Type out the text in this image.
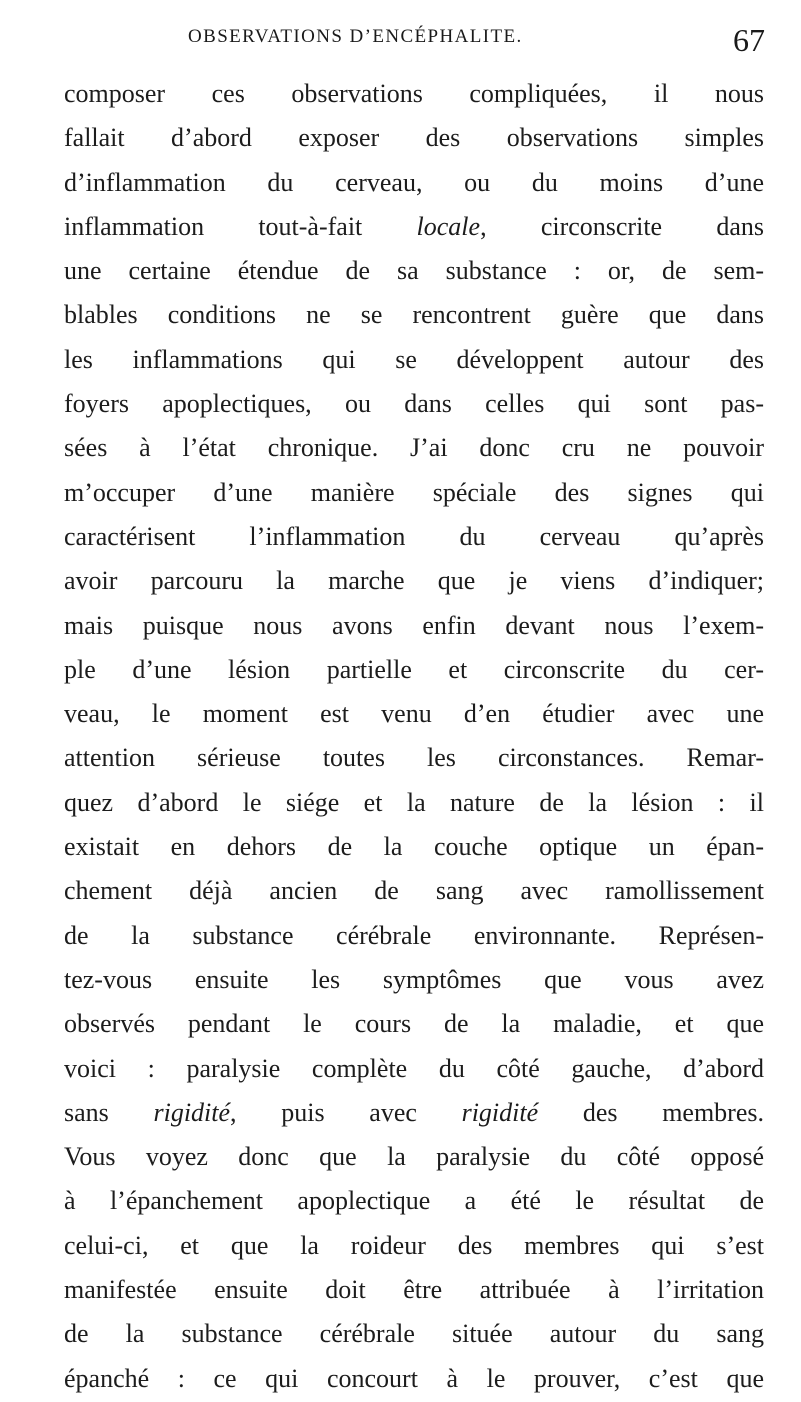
OBSERVATIONS D’ENCÉPHALITE.	67
composer ces observations compliquées, il nous
fallait d’abord exposer des observations simples
d’inflammation du cerveau, ou du moins d’une
inflammation tout-à-fait locale, circonscrite dans
une certaine étendue de sa substance : or, de sem-
blables conditions ne se rencontrent guère que dans
les inflammations qui se développent autour des
foyers apoplectiques, ou dans celles qui sont pas-
sées à l’état chronique. J’ai donc cru ne pouvoir
m’occuper d’une manière spéciale des signes qui
caractérisent l’inflammation du cerveau qu’après
avoir parcouru la marche que je viens d’indiquer;
mais puisque nous avons enfin devant nous l’exem-
ple d’une lésion partielle et circonscrite du cer-
veau, le moment est venu d’en étudier avec une
attention sérieuse toutes les circonstances. Remar-
quez d’abord le siége et la nature de la lésion : il
existait en dehors de la couche optique un épan-
chement déjà ancien de sang avec ramollissement
de la substance cérébrale environnante. Représen-
tez-vous ensuite les symptômes que vous avez
observés pendant le cours de la maladie, et que
voici : paralysie complète du côté gauche, d’abord
sans rigidité, puis avec rigidité des membres.
Vous voyez donc que la paralysie du côté opposé
à l’épanchement apoplectique a été le résultat de
celui-ci, et que la roideur des membres qui s’est
manifestée ensuite doit être attribuée à l’irritation
de la substance cérébrale située autour du sang
épanché : ce qui concourt à le prouver, c’est que
